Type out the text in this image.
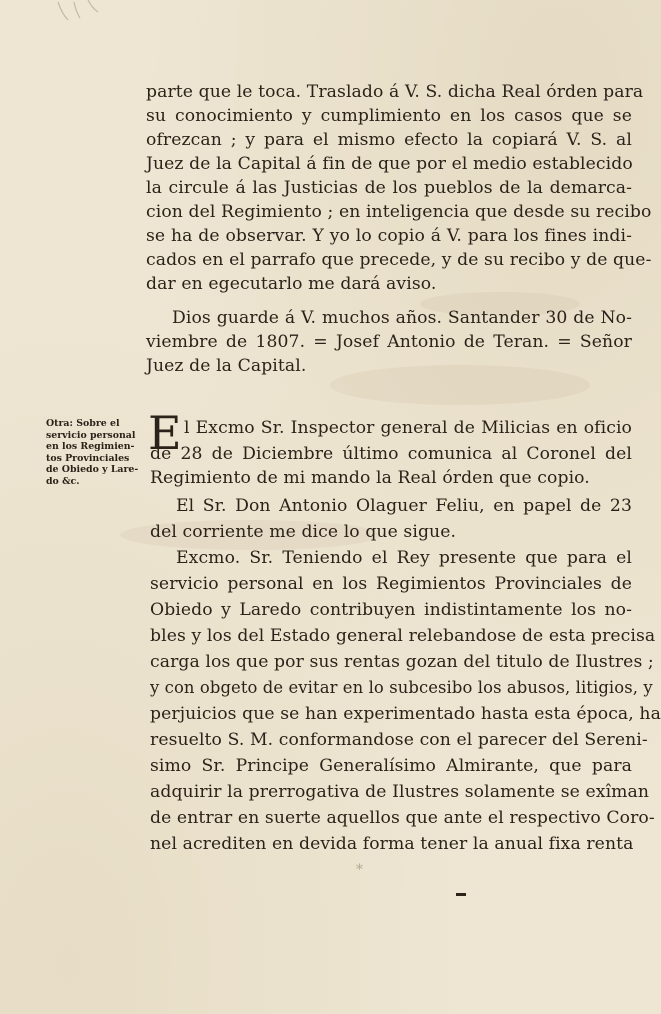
parte que le toca. Traslado á V. S. dicha Real órden para
su conocimiento y cumplimiento en los casos que se
ofrezcan ; y para el mismo efecto la copiará V. S. al
Juez de la Capital á fin de que por el medio establecido
la circule á las Justicias de los pueblos de la demarca-
cion del Regimiento ; en inteligencia que desde su recibo
se ha de observar. Y yo lo copio á V. para los fines indi-
cados en el parrafo que precede, y de su recibo y de que-
dar en egecutarlo me dará aviso.
Dios guarde á V. muchos años. Santander 30 de No-
viembre de 1807. = Josef Antonio de Teran. = Señor
Juez de la Capital.
Otra: Sobre el
servicio personal
en los Regimien-
tos Provinciales
de Obiedo y Lare-
do &c.
E l Excmo Sr. Inspector general de Milicias en oficio
de 28 de Diciembre último comunica al Coronel del
Regimiento de mi mando la Real órden que copio.
El Sr. Don Antonio Olaguer Feliu, en papel de 23
del corriente me dice lo que sigue.
Excmo. Sr. Teniendo el Rey presente que para el
servicio personal en los Regimientos Provinciales de
Obiedo y Laredo contribuyen indistintamente los no-
bles y los del Estado general relebandose de esta precisa
carga los que por sus rentas gozan del titulo de Ilustres ;
y con obgeto de evitar en lo subcesibo los abusos, litigios, y
perjuicios que se han experimentado hasta esta época, ha
resuelto S. M. conformandose con el parecer del Sereni-
simo Sr. Principe Generalísimo Almirante, que para
adquirir la prerrogativa de Ilustres solamente se exîman
de entrar en suerte aquellos que ante el respectivo Coro-
nel acrediten en devida forma tener la anual fixa renta
*
